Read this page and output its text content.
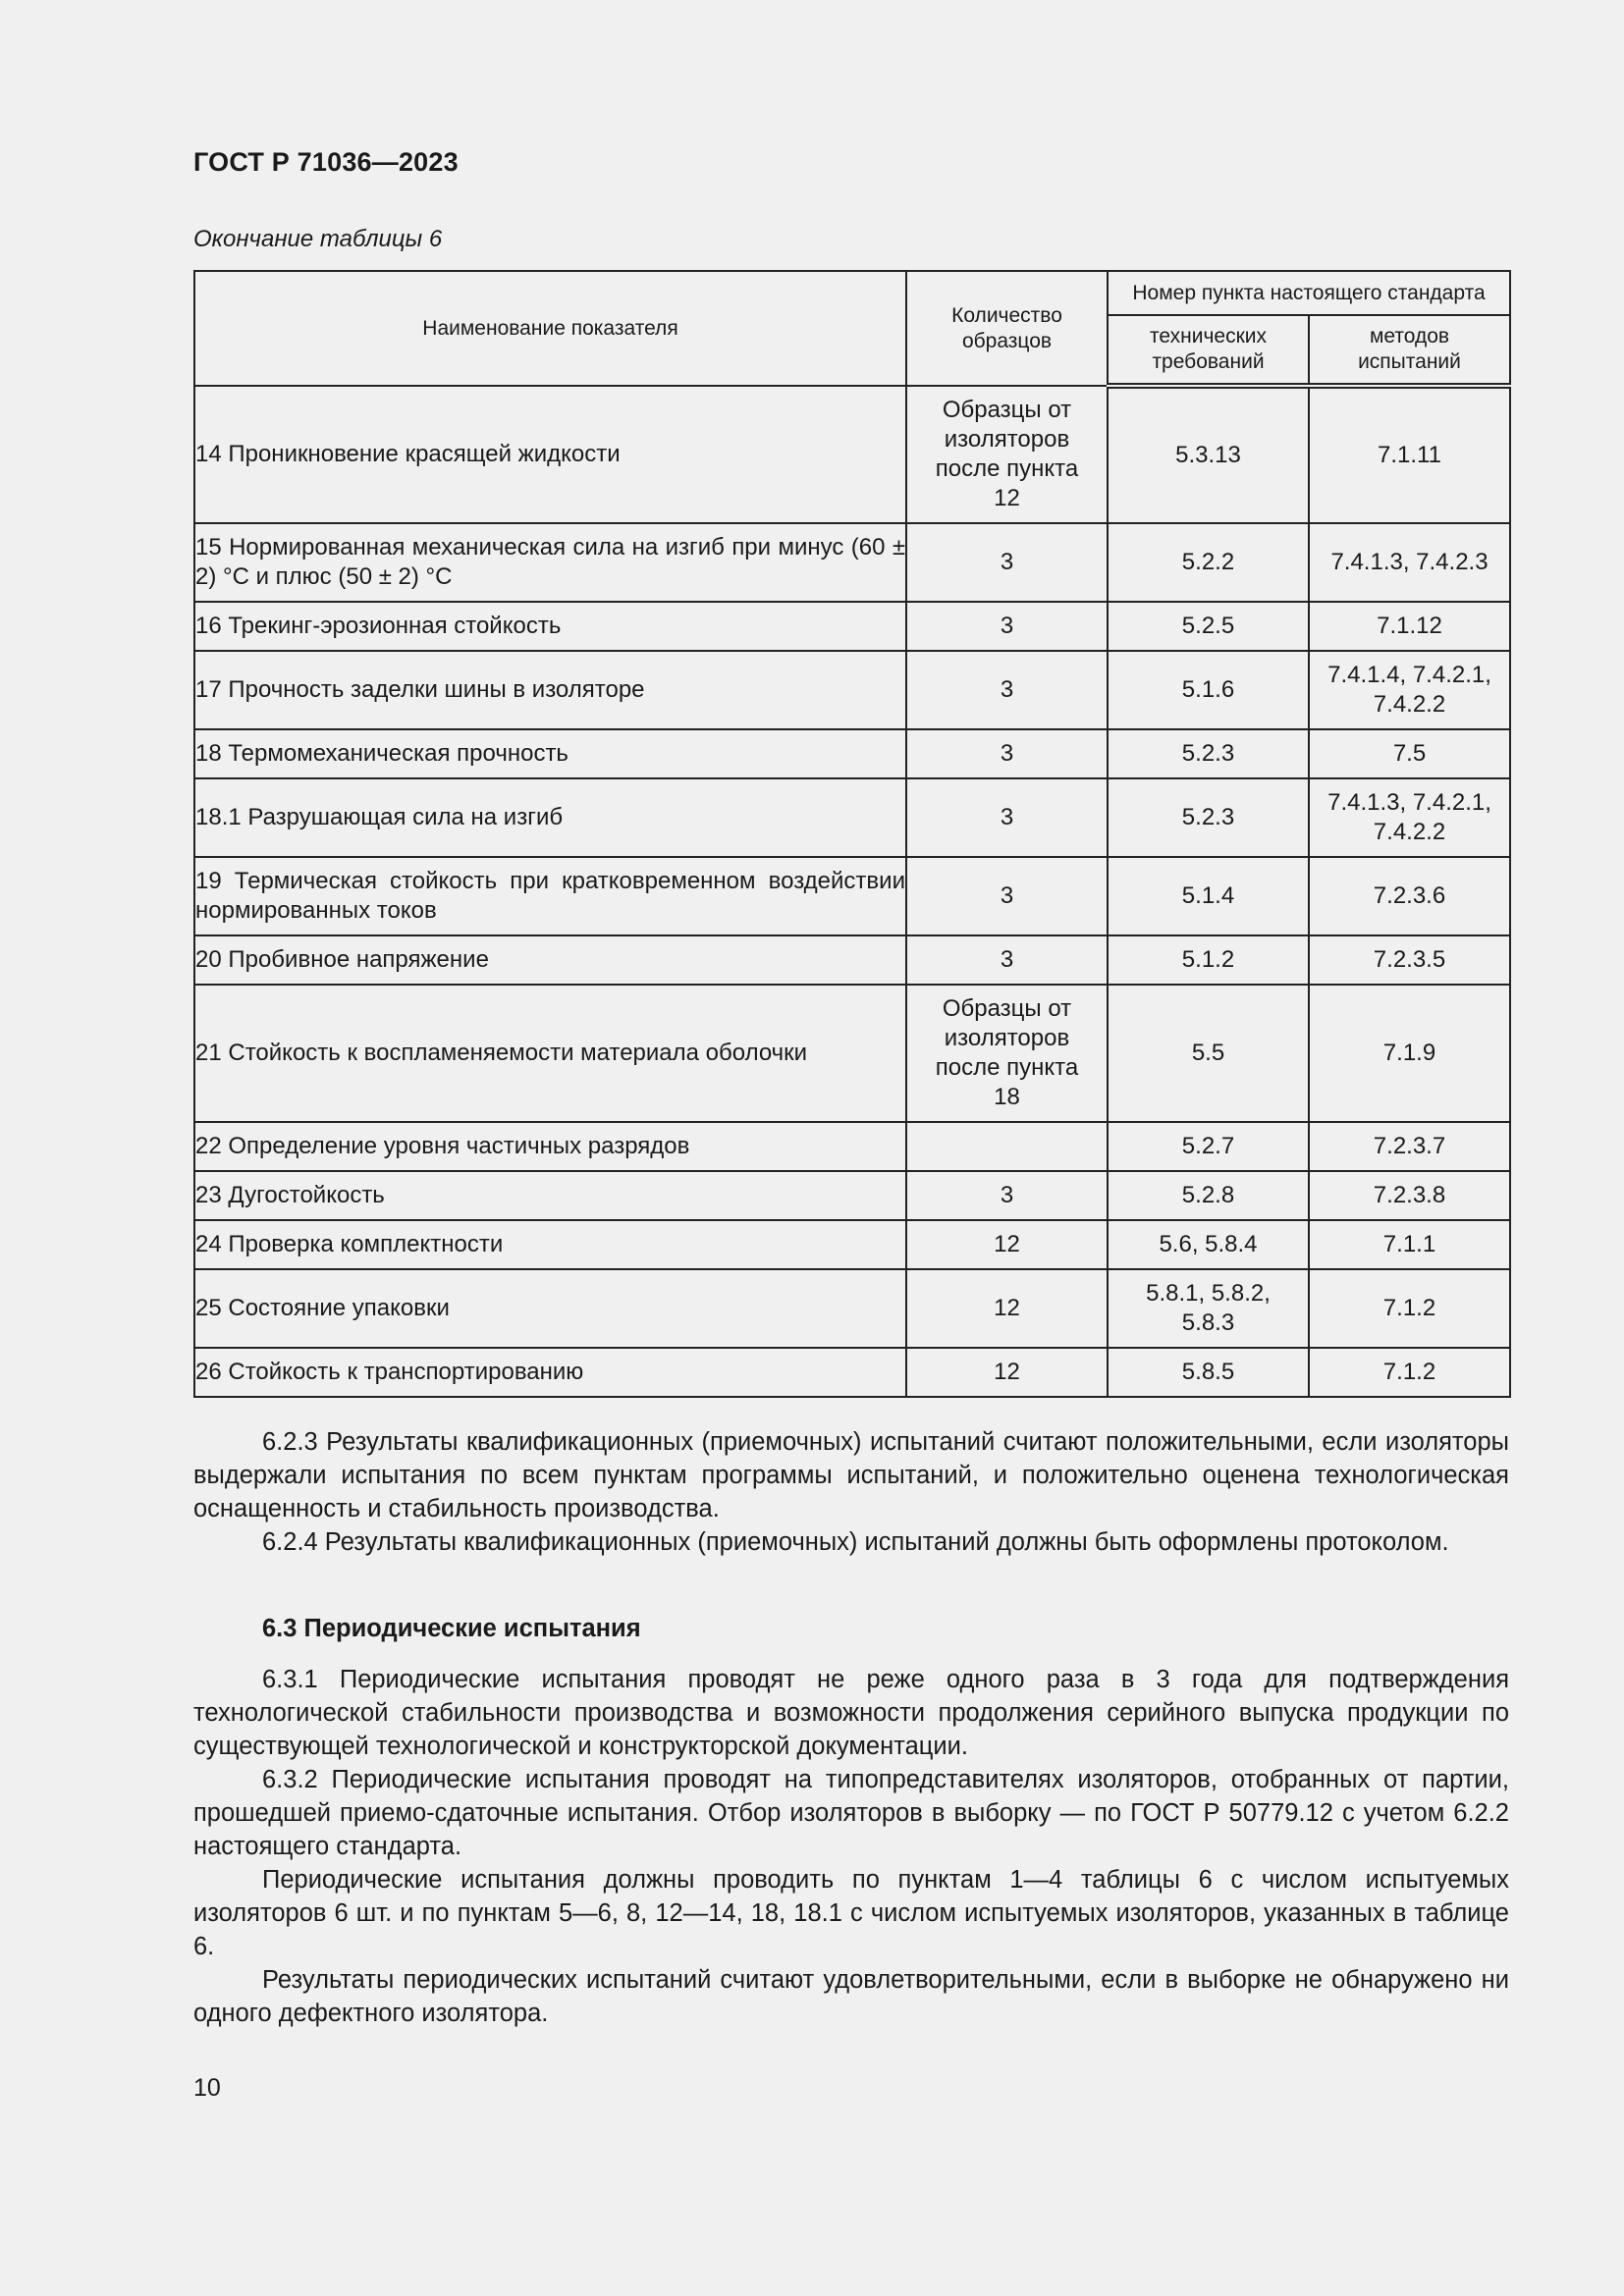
ГОСТ Р 71036—2023
Окончание таблицы 6
Наименование показателя	Количество образцов	Номер пункта настоящего стандарта	
		технических требований	методов испытаний
14 Проникновение красящей жидкости	Образцы от изоляторов после пункта 12	5.3.13	7.1.11
15 Нормированная механическая сила на изгиб при минус (60 ± 2) °С и плюс (50 ± 2) °С	3	5.2.2	7.4.1.3, 7.4.2.3
16 Трекинг-эрозионная стойкость	3	5.2.5	7.1.12
17 Прочность заделки шины в изоляторе	3	5.1.6	7.4.1.4, 7.4.2.1, 7.4.2.2
18 Термомеханическая прочность	3	5.2.3	7.5
18.1 Разрушающая сила на изгиб	3	5.2.3	7.4.1.3, 7.4.2.1, 7.4.2.2
19 Термическая стойкость при кратковременном воздействии нормированных токов	3	5.1.4	7.2.3.6
20 Пробивное напряжение	3	5.1.2	7.2.3.5
21 Стойкость к воспламеняемости материала оболочки	Образцы от изоляторов после пункта 18	5.5	7.1.9
22 Определение уровня частичных разрядов		5.2.7	7.2.3.7
23 Дугостойкость	3	5.2.8	7.2.3.8
24 Проверка комплектности	12	5.6, 5.8.4	7.1.1
25 Состояние упаковки	12	5.8.1, 5.8.2, 5.8.3	7.1.2
26 Стойкость к транспортированию	12	5.8.5	7.1.2

6.2.3 Результаты квалификационных (приемочных) испытаний считают положительными, если изоляторы выдержали испытания по всем пунктам программы испытаний, и положительно оценена технологическая оснащенность и стабильность производства.

6.2.4 Результаты квалификационных (приемочных) испытаний должны быть оформлены протоколом.

6.3 Периодические испытания

6.3.1 Периодические испытания проводят не реже одного раза в 3 года для подтверждения технологической стабильности производства и возможности продолжения серийного выпуска продукции по существующей технологической и конструкторской документации.

6.3.2 Периодические испытания проводят на типопредставителях изоляторов, отобранных от партии, прошедшей приемо-сдаточные испытания. Отбор изоляторов в выборку — по ГОСТ Р 50779.12 с учетом 6.2.2 настоящего стандарта.

Периодические испытания должны проводить по пунктам 1—4 таблицы 6 с числом испытуемых изоляторов 6 шт. и по пунктам 5—6, 8, 12—14, 18, 18.1 с числом испытуемых изоляторов, указанных в таблице 6.

Результаты периодических испытаний считают удовлетворительными, если в выборке не обнаружено ни одного дефектного изолятора.

10
